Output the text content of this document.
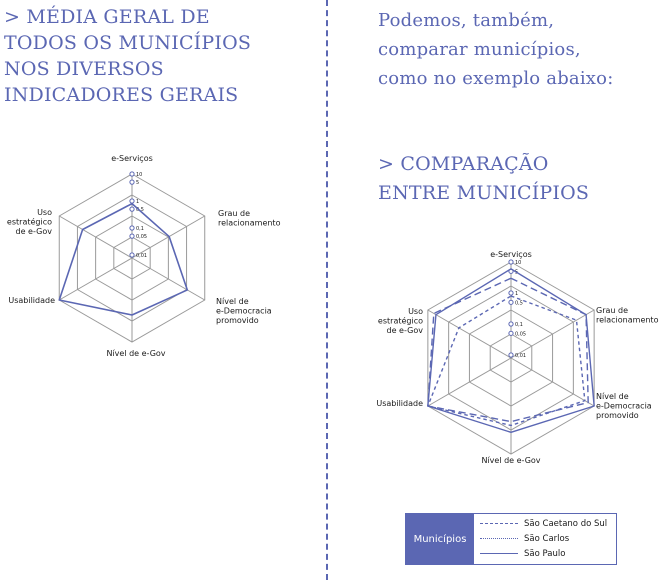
> MÉDIA GERAL DE
TODOS OS MUNICÍPIOS
NOS DIVERSOS
INDICADORES GERAIS

Podemos, também,
comparar municípios,
como no exemplo abaixo:

> COMPARAÇÃO
ENTRE MUNICÍPIOS
10
5
1
0,5
0,1
0,05
0,01
e-Serviços
Grau de relacionamento
Nível de e-Democracia promovido
Nível de e-Gov
Usabilidade
Uso estratégico de e-Gov
10
5
1
0,5
0,1
0,05
0,01
e-Serviços
Grau de relacionamento
Nível de e-Democracia promovido
Nível de e-Gov
Usabilidade
Uso estratégico de e-Gov
Municípios
São Caetano do Sul
São Carlos
São Paulo
